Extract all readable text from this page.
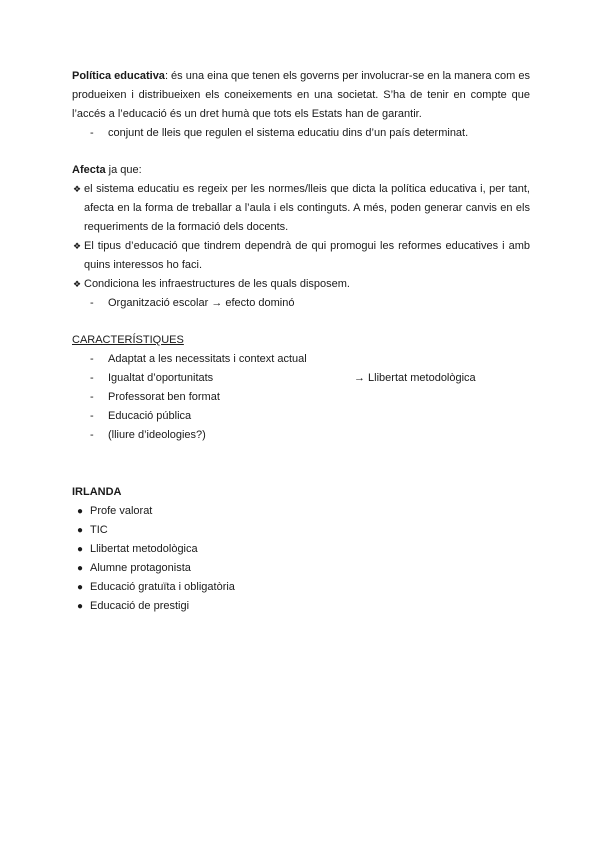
Política educativa: és una eina que tenen els governs per involucrar-se en la manera com es produeixen i distribueixen els coneixements en una societat. S’ha de tenir en compte que l’accés a l’educació és un dret humà que tots els Estats han de garantir.
- conjunt de lleis que regulen el sistema educatiu dins d’un país determinat.
Afecta ja que:
❖ el sistema educatiu es regeix per les normes/lleis que dicta la política educativa i, per tant, afecta en la forma de treballar a l’aula i els continguts. A més, poden generar canvis en els requeriments de la formació dels docents.
❖ El tipus d’educació que tindrem dependrà de qui promogui les reformes educatives i amb quins interessos ho faci.
❖ Condiciona les infraestructures de les quals disposem.
- Organització escolar → efecto dominó
CARACTERÍSTIQUES
- Adaptat a les necessitats i context actual
- Igualtat d’oportunitats	→ Llibertat metodològica
- Professorat ben format
- Educació pública
- (lliure d’ideologies?)
IRLANDA
● Profe valorat
● TIC
● Llibertat metodològica
● Alumne protagonista
● Educació gratuïta i obligatòria
● Educació de prestigi
